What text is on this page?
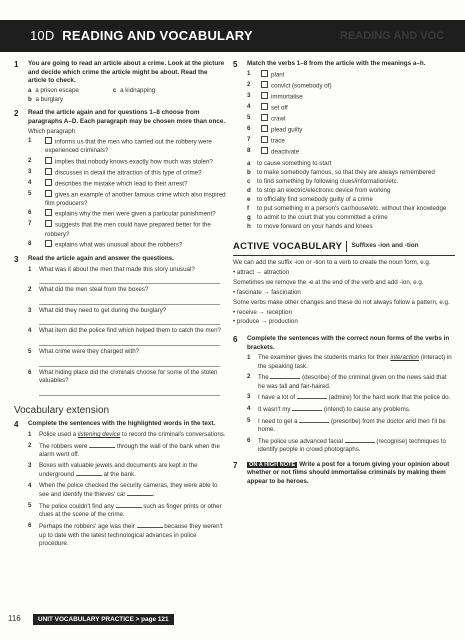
10D READING AND VOCABULARY	READING AND VOC
1 You are going to read an article about a crime. Look at the picture and decide which crime the article might be about. Read the article to check.
a a prison escape	c a kidnapping
b a burglary
2 Read the article again and for questions 1–8 choose from paragraphs A–D. Each paragraph may be chosen more than once.
Which paragraph
1	informs us that the men who carried out the robbery were experienced criminals?
2	implies that nobody knows exactly how much was stolen?
3	discusses in detail the attraction of this type of crime?
4	describes the mistake which lead to their arrest?
5	gives an example of another famous crime which also inspired film producers?
6	explains why the men were given a particular punishment?
7	suggests that the men could have prepared better for the robbery?
8	explains what was unusual about the robbers?
3 Read the article again and answer the questions.
1 What was it about the men that made this story unusual?
2 What did the men steal from the boxes?
3 What did they need to get during the burglary?
4 What item did the police find which helped them to catch the men?
5 What crime were they charged with?
6 What hiding place did the criminals choose for some of the stolen valuables?
Vocabulary extension
4 Complete the sentences with the highlighted words in the text.
1 Police used a listening device to record the criminal's conversations.
2 The robbers were	through the wall of the bank when the alarm went off.
3 Boxes with valuable jewels and documents are kept in the underground	at the bank.
4 When the police checked the security cameras, they were able to see and identify the thieves' car	.
5 The police couldn't find any	such as finger prints or other clues at the scene of the crime.
6 Perhaps the robbers' age was their	because they weren't up to date with the latest technological advances in police procedure.
5 Match the verbs 1–8 from the article with the meanings a–h.
1	plant
2	convict (somebody of)
3	immortalise
4	set off
5	crawl
6	plead guilty
7	trace
8	deactivate
a to cause something to start
b to make somebody famous, so that they are always remembered
c to find something by following clues/information/etc.
d to stop an electric/electronic device from working
e to officially find somebody guilty of a crime
f to put something in a person's car/house/etc. without their knowledge
g to admit to the court that you committed a crime
h to move forward on your hands and knees
ACTIVE VOCABULARY Suffixes -ion and -tion
We can add the suffix -ion or -tion to a verb to create the noun form, e.g.
• attract → attraction
Sometimes we remove the -e at the end of the verb and add -ion, e.g.
• fascinate → fascination
Some verbs make other changes and these do not always follow a pattern, e.g.
• receive → reception
• produce → production
6 Complete the sentences with the correct noun forms of the verbs in brackets.
1 The examiner gives the students marks for their interaction (interact) in the speaking task.
2 The	(describe) of the criminal given on the news said that he was tall and fair-haired.
3 I have a lot of	(admire) for the hard work that the police do.
4 It wasn't my	(intend) to cause any problems.
5 I need to get a	(prescribe) from the doctor and then I'll be home.
6 The police use advanced facial	(recognise) techniques to identify people in crowd photographs.
7	ON A HIGH NOTE Write a post for a forum giving your opinion about whether or not films should immortalise criminals by making them appear to be heroes.
116	UNIT VOCABULARY PRACTICE > page 121
